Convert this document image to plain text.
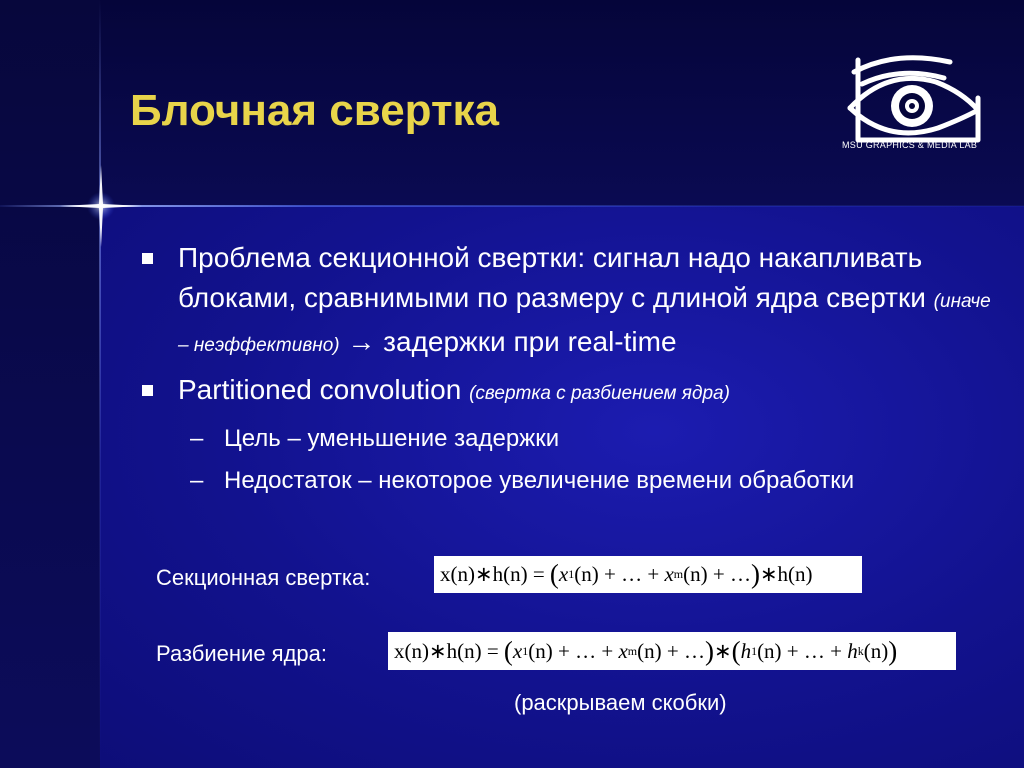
Блочная свертка
MSU GRAPHICS & MEDIA LAB
Проблема секционной свертки: сигнал надо накапливать блоками, сравнимыми по размеру с длиной ядра свертки (иначе – неэффективно) → задержки при real-time
Partitioned convolution (свертка с разбиением ядра)
– Цель – уменьшение задержки
– Недостаток – некоторое увеличение времени обработки
Секционная свертка:	x(n)∗h(n) =
( x 1 (n) + … +
x m (n) + … ) ∗h(n)
Разбиение ядра:	x(n)∗h(n) =
( x 1 (n) + … +
x m (n) + … ) ∗ ( h 1 (n) + … +
h k (n) )
(раскрываем скобки)
